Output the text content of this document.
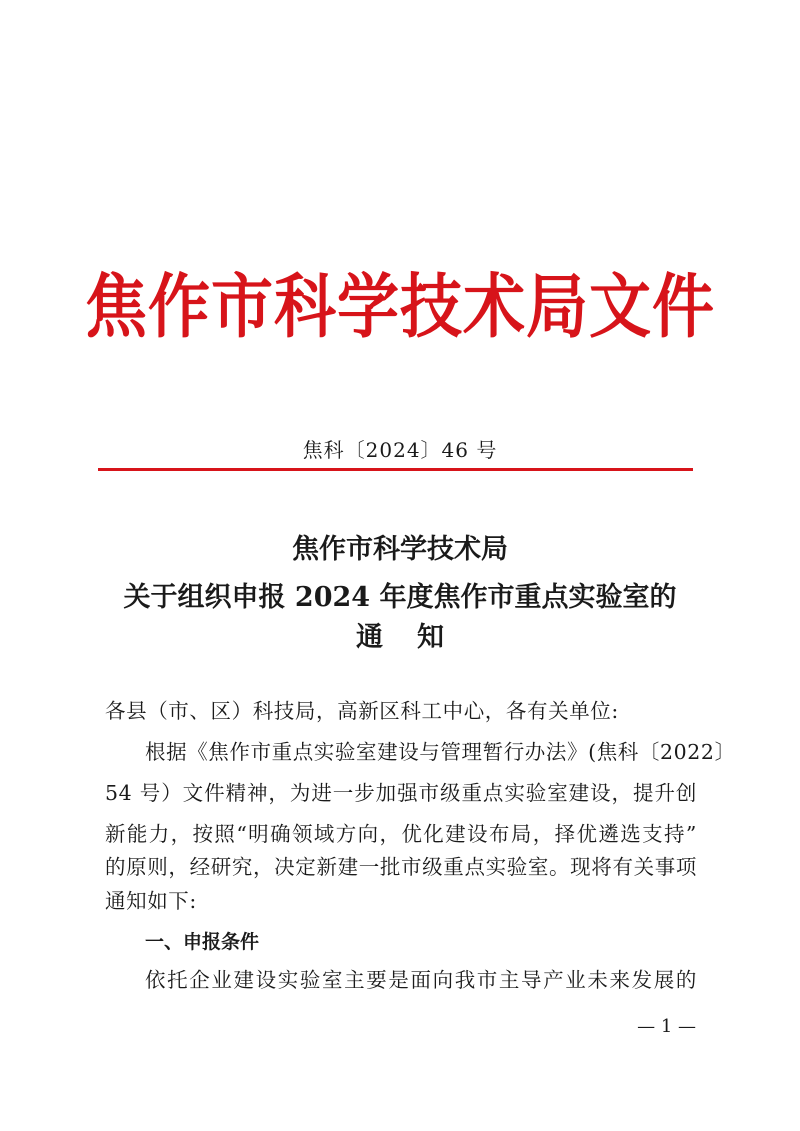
焦作市科学技术局文件
焦科〔2024〕46 号
焦作市科学技术局
关于组织申报 2024 年度焦作市重点实验室的
通知
各县（市、区）科技局，高新区科工中心，各有关单位:
根据《焦作市重点实验室建设与管理暂行办法》(焦科〔2022〕
54 号）文件精神，为进一步加强市级重点实验室建设，提升创
新能力，按照“明确领域方向，优化建设布局，择优遴选支持”
的原则，经研究，决定新建一批市级重点实验室。现将有关事项
通知如下:
一、申报条件
依托企业建设实验室主要是面向我市主导产业未来发展的
— 1 —
